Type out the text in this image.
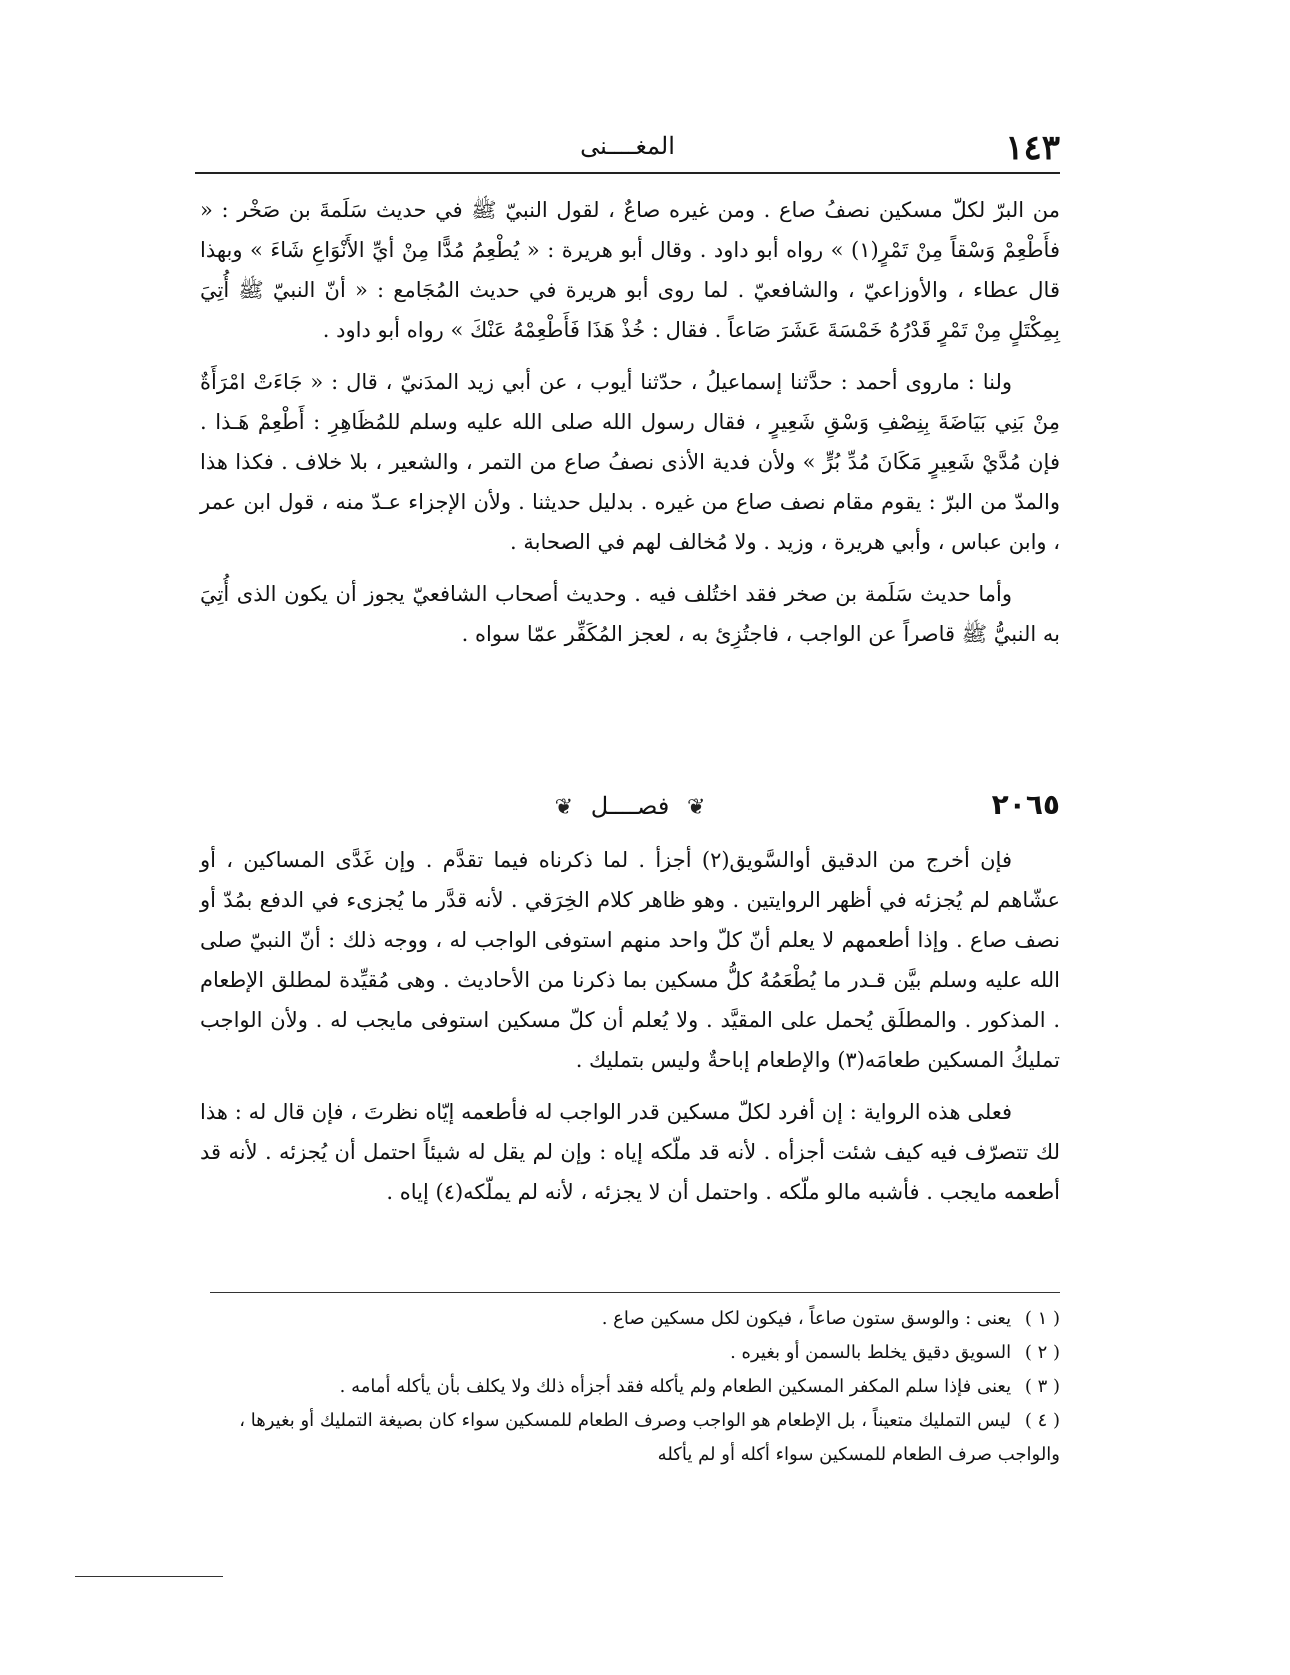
١٤٣
المغــــنى

من البرّ لكلّ مسكين نصفُ صاع . ومن غيره صاعٌ ، لقول النبيّ ﷺ في حديث سَلَمةَ بن صَخْر : « فأَطْعِمْ وَسْقاً مِنْ تَمْرٍ(١) » رواه أبو داود . وقال أبو هريرة : « يُطْعِمُ مُدًّا مِنْ أيِّ الأَنْوَاعِ شَاءَ » وبهذا قال عطاء ، والأوزاعيّ ، والشافعيّ . لما روى أبو هريرة في حديث المُجَامع : « أنّ النبيّ ﷺ أُتِيَ بِمِكْتَلٍ مِنْ تَمْرٍ قَدْرُهُ خَمْسَةَ عَشَرَ صَاعاً . فقال : خُذْ هَذَا فَأَطْعِمْهُ عَنْكَ » رواه أبو داود .

ولنا : ماروى أحمد : حدَّثنا إسماعيلُ ، حدّثنا أيوب ، عن أبي زيد المدَنيّ ، قال : « جَاءَتْ امْرَأَةٌ مِنْ بَنِي بَيَاضَةَ بِنِصْفِ وَسْقِ شَعِيرٍ ، فقال رسول الله صلى الله عليه وسلم للمُظَاهِرِ : أَطْعِمْ هَـذا . فإن مُدَّيْ شَعِيرٍ مَكَانَ مُدِّ بُرٍّ » ولأن فدية الأذى نصفُ صاع من التمر ، والشعير ، بلا خلاف . فكذا هذا والمدّ من البرّ : يقوم مقام نصف صاع من غيره . بدليل حديثنا . ولأن الإجزاء عـدّ منه ، قول ابن عمر ، وابن عباس ، وأبي هريرة ، وزيد . ولا مُخالف لهم في الصحابة .

وأما حديث سَلَمة بن صخر فقد اختُلف فيه . وحديث أصحاب الشافعيّ يجوز أن يكون الذى أُتِيَ به النبيُّ ﷺ قاصراً عن الواجب ، فاجتُزِئ به ، لعجز المُكَفِّر عمّا سواه .

٢٠٦٥
❦ فصــــل ❦

فإن أخرج من الدقيق أوالسَّويق(٢) أجزأ . لما ذكرناه فيما تقدَّم . وإن غَدَّى المساكين ، أو عشّاهم لم يُجزئه في أظهر الروايتين . وهو ظاهر كلام الخِرَقي . لأنه قدَّر ما يُجزىء في الدفع بمُدّ أو نصف صاع . وإذا أطعمهم لا يعلم أنّ كلّ واحد منهم استوفى الواجب له ، ووجه ذلك : أنّ النبيّ صلى الله عليه وسلم بيَّن قـدر ما يُطْعَمُهُ كلُّ مسكين بما ذكرنا من الأحاديث . وهى مُقيِّدة لمطلق الإطعام . المذكور . والمطلَق يُحمل على المقيَّد . ولا يُعلم أن كلّ مسكين استوفى مايجب له . ولأن الواجب تمليكُ المسكين طعامَه(٣) والإطعام إباحةٌ وليس بتمليك .

فعلى هذه الرواية : إن أفرد لكلّ مسكين قدر الواجب له فأطعمه إيّاه نظرتَ ، فإن قال له : هذا لك تتصرّف فيه كيف شئت أجزأه . لأنه قد ملّكه إياه : وإن لم يقل له شيئاً احتمل أن يُجزئه . لأنه قد أطعمه مايجب . فأشبه مالو ملّكه . واحتمل أن لا يجزئه ، لأنه لم يملّكه(٤) إياه .

( ١ ) يعنى : والوسق ستون صاعاً ، فيكون لكل مسكين صاع .

( ٢ ) السويق دقيق يخلط بالسمن أو بغيره .

( ٣ ) يعنى فإذا سلم المكفر المسكين الطعام ولم يأكله فقد أجزأه ذلك ولا يكلف بأن يأكله أمامه .

( ٤ ) ليس التمليك متعيناً ، بل الإطعام هو الواجب وصرف الطعام للمسكين سواء كان بصيغة التمليك أو بغيرها ، والواجب صرف الطعام للمسكين سواء أكله أو لم يأكله
